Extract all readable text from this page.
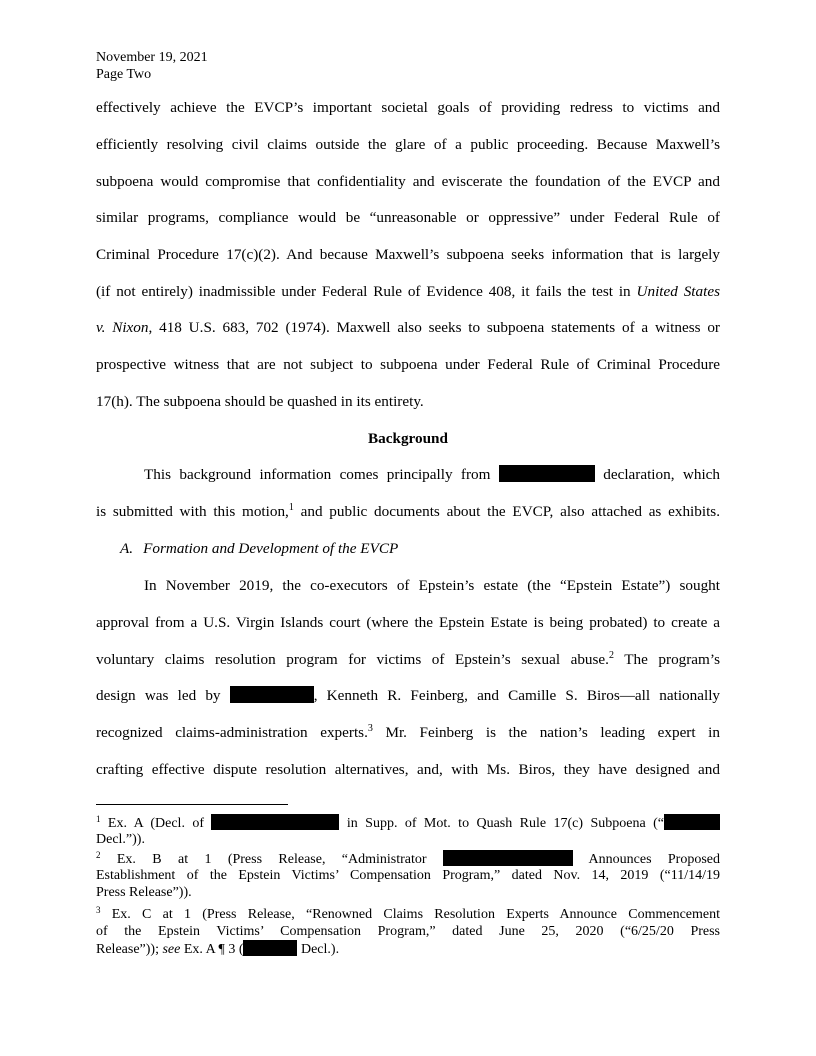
November 19, 2021
Page Two
effectively achieve the EVCP’s important societal goals of providing redress to victims and
efficiently resolving civil claims outside the glare of a public proceeding. Because Maxwell’s
subpoena would compromise that confidentiality and eviscerate the foundation of the EVCP and
similar programs, compliance would be “unreasonable or oppressive” under Federal Rule of
Criminal Procedure 17(c)(2). And because Maxwell’s subpoena seeks information that is largely
(if not entirely) inadmissible under Federal Rule of Evidence 408, it fails the test in United States
v. Nixon, 418 U.S. 683, 702 (1974). Maxwell also seeks to subpoena statements of a witness or
prospective witness that are not subject to subpoena under Federal Rule of Criminal Procedure
17(h). The subpoena should be quashed in its entirety.
Background
This background information comes principally from	declaration, which
is submitted with this motion,$^1$ and public documents about the EVCP, also attached as exhibits.
A. Formation and Development of the EVCP
In November 2019, the co-executors of Epstein’s estate (the “Epstein Estate”) sought
approval from a U.S. Virgin Islands court (where the Epstein Estate is being probated) to create a
voluntary claims resolution program for victims of Epstein’s sexual abuse.$^2$ The program’s
design was led by	, Kenneth R. Feinberg, and Camille S. Biros—all nationally
recognized claims-administration experts.$^3$ Mr. Feinberg is the nation’s leading expert in
crafting effective dispute resolution alternatives, and, with Ms. Biros, they have designed and
$^1$ Ex. A (Decl. of	in Supp. of Mot. to Quash Rule 17(c) Subpoena (“
Decl.”)).
$^2$ Ex. B at 1 (Press Release, “Administrator	Announces Proposed
Establishment of the Epstein Victims’ Compensation Program,” dated Nov. 14, 2019 (“11/14/19
Press Release”)).
$^3$ Ex. C at 1 (Press Release, “Renowned Claims Resolution Experts Announce Commencement
of the Epstein Victims’ Compensation Program,” dated June 25, 2020 (“6/25/20 Press
Release”)); see Ex. A ¶ 3 (	Decl.).
